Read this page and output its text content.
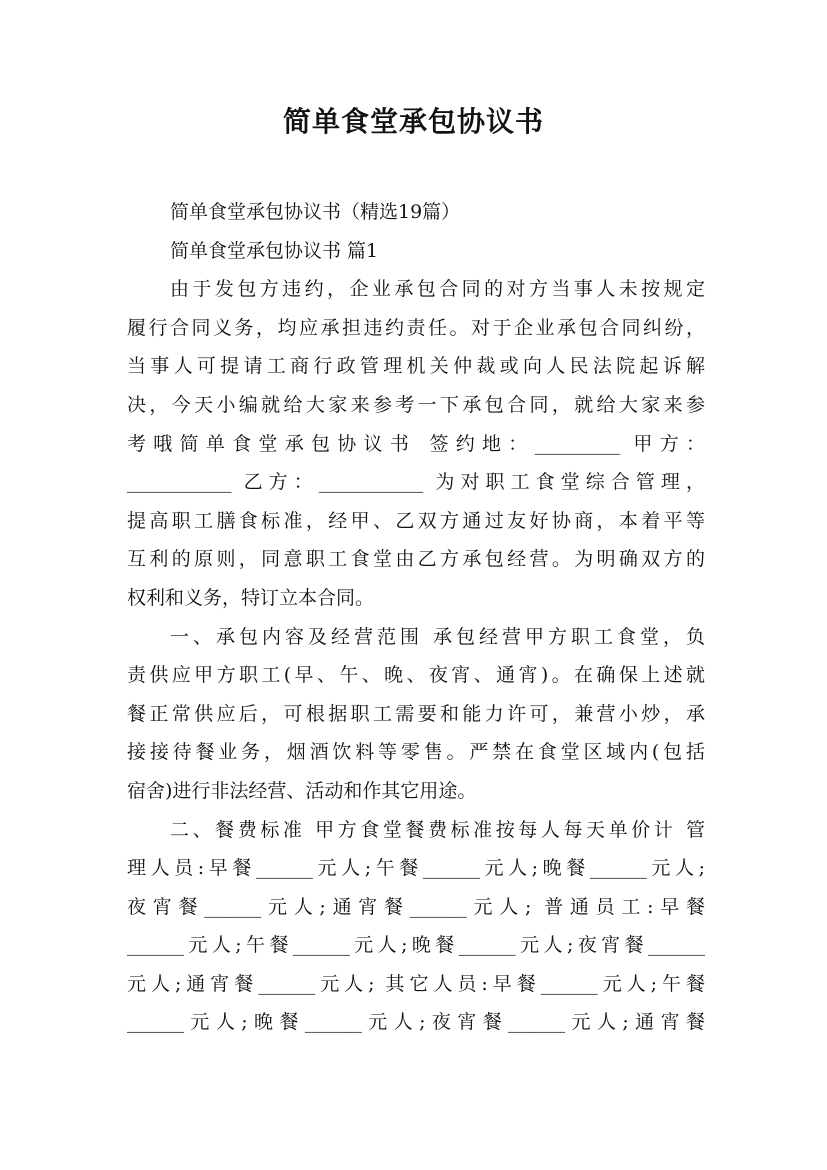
简单食堂承包协议书
简单食堂承包协议书（精选19篇）
简单食堂承包协议书 篇1
由于发包方违约，企业承包合同的对方当事人未按规定
履行合同义务，均应承担违约责任。对于企业承包合同纠纷，
当事人可提请工商行政管理机关仲裁或向人民法院起诉解
决，今天小编就给大家来参考一下承包合同，就给大家来参
考哦简单食堂承包协议书 签约地：_________ 甲方：
___________ 乙方：___________ 为对职工食堂综合管理，
提高职工膳食标准，经甲、乙双方通过友好协商，本着平等
互利的原则，同意职工食堂由乙方承包经营。为明确双方的
权利和义务，特订立本合同。
一、承包内容及经营范围 承包经营甲方职工食堂，负
责供应甲方职工(早、午、晚、夜宵、通宵)。在确保上述就
餐正常供应后，可根据职工需要和能力许可，兼营小炒，承
接接待餐业务，烟酒饮料等零售。严禁在食堂区域内(包括
宿舍)进行非法经营、活动和作其它用途。
二、餐费标准 甲方食堂餐费标准按每人每天单价计 管
理人员:早餐______元人;午餐______元人;晚餐______元人;
夜宵餐______元人;通宵餐______元人; 普通员工:早餐
______元人;午餐______元人;晚餐______元人;夜宵餐______
元人;通宵餐______元人; 其它人员:早餐______元人;午餐
______元人;晚餐______元人;夜宵餐______元人;通宵餐
